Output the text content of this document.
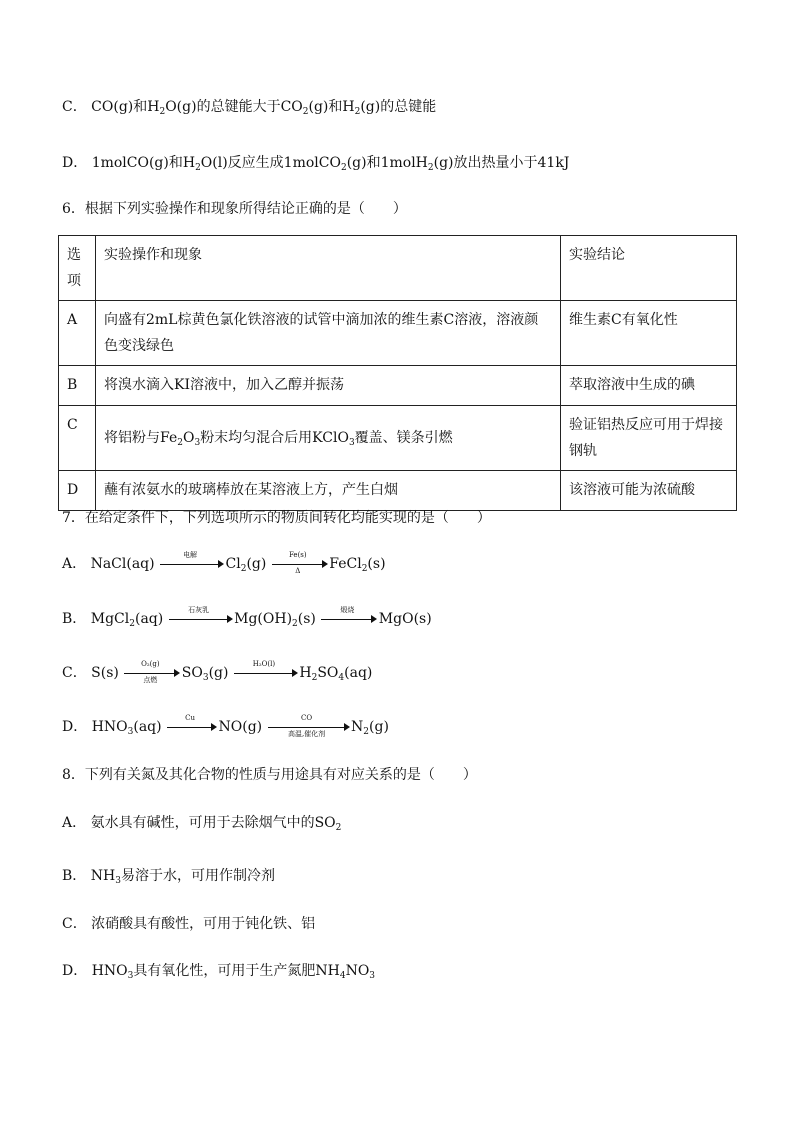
C． CO(g)和$H_2O(g)$的总键能大于$CO_2(g)$和$H_2(g)$的总键能
D． 1molCO(g)和$H_2O(l)$反应生成1molCO$_2$(g)和1molH$_2$(g)放出热量小于41kJ
6．根据下列实验操作和现象所得结论正确的是（　　）
选项	实验操作和现象	实验结论
A	向盛有2mL棕黄色氯化铁溶液的试管中滴加浓的维生素C溶液，溶液颜色变浅绿色	维生素C有氧化性
B	将溴水滴入KI溶液中，加入乙醇并振荡	萃取溶液中生成的碘
C	将铝粉与$Fe_2O_3$粉末均匀混合后用KClO$_3$覆盖、镁条引燃	验证铝热反应可用于焊接钢轨
D	蘸有浓氨水的玻璃棒放在某溶液上方，产生白烟	该溶液可能为浓硫酸
7．在给定条件下，下列选项所示的物质间转化均能实现的是（　　）
A． NaCl(aq)
电解
$Cl_2(g) \frac{Fe(s)}{\Delta}$ FeCl$_2$(s)
B． MgCl$_2$(aq)
石灰乳
$Mg(OH)_2(s)$
煅烧
MgO(s)
C． S(s)
O₂(g)
点燃	$SO_3(g)$
H₂O(l)
$H_2SO_4(aq)$
D． $HNO_3(aq)$
Cu
NO(g)
CO
高温,催化剂	$N_2(g)$
8．下列有关氮及其化合物的性质与用途具有对应关系的是（　　）
A． 氨水具有碱性，可用于去除烟气中的$SO_2$
B． $NH_3$易溶于水，可用作制冷剂
C． 浓硝酸具有酸性，可用于钝化铁、铝
D． $HNO_3$具有氧化性，可用于生产氮肥$NH_4NO_3$
